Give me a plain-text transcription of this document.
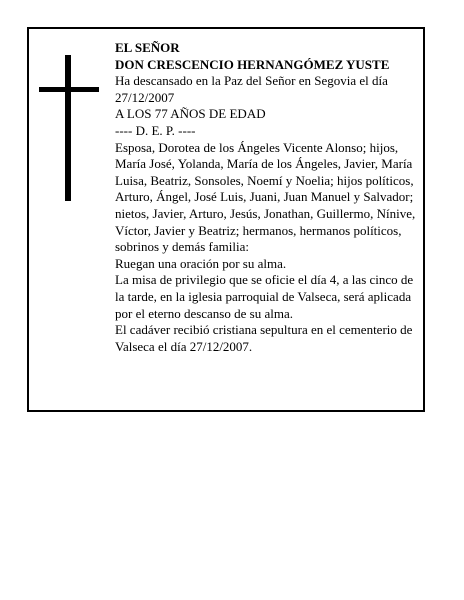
EL SEÑOR

DON CRESCENCIO HERNANGÓMEZ YUSTE

Ha descansado en la Paz del Señor en Segovia el día 27/12/2007

A LOS 77 AÑOS DE EDAD

---- D. E. P. ----

Esposa, Dorotea de los Ángeles Vicente Alonso; hijos, María José, Yolanda, María de los Ángeles, Javier, María Luisa, Beatriz, Sonsoles, Noemí y Noelia; hijos políticos, Arturo, Ángel, José Luis, Juani, Juan Manuel y Salvador; nietos, Javier, Arturo, Jesús, Jonathan, Guillermo, Nínive, Víctor, Javier y Beatriz; hermanos, hermanos políticos, sobrinos y demás familia:

Ruegan una oración por su alma.

La misa de privilegio que se oficie el día 4, a las cinco de la tarde, en la iglesia parroquial de Valseca, será aplicada por el eterno descanso de su alma.

El cadáver recibió cristiana sepultura en el cementerio de Valseca el día 27/12/2007.
